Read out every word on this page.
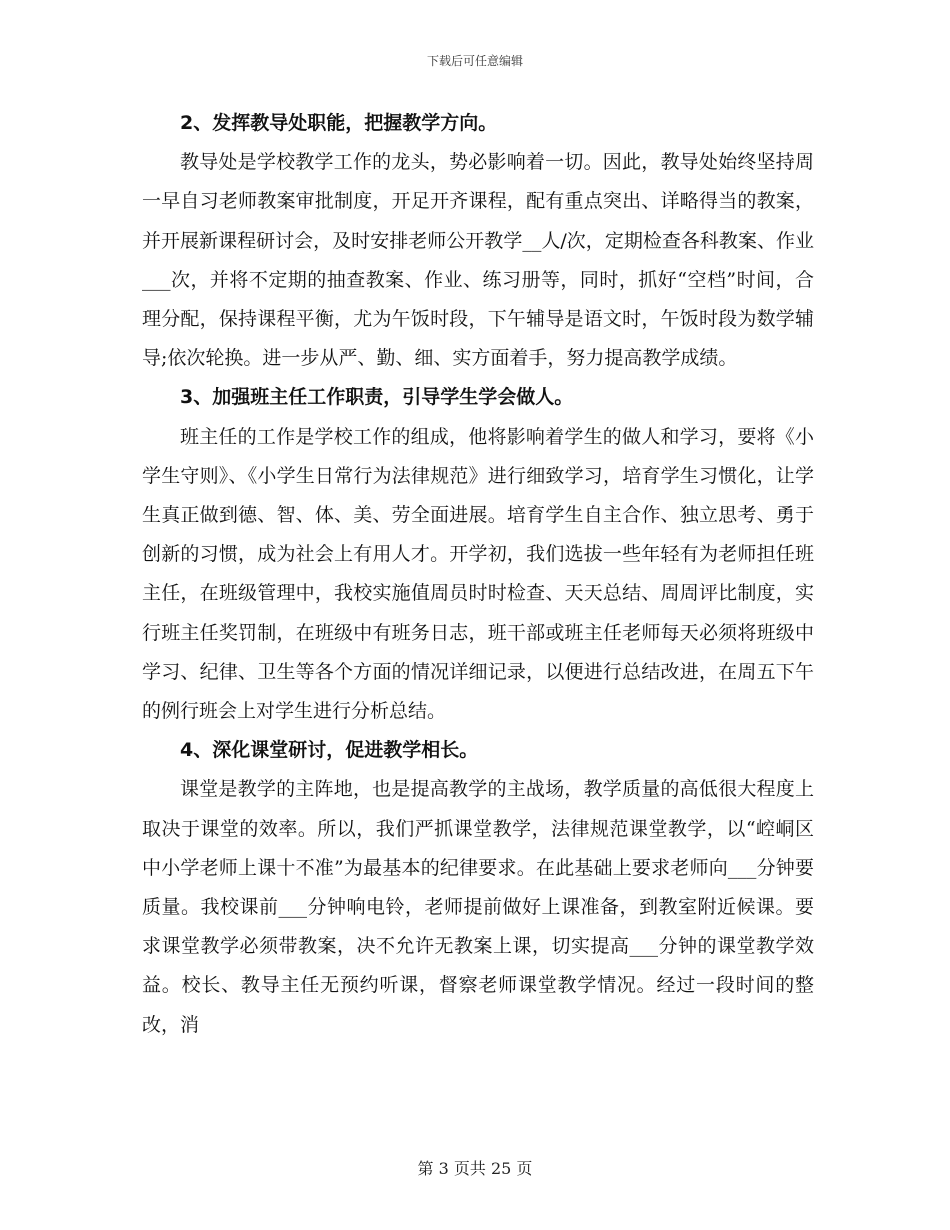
下载后可任意编辑

2、发挥教导处职能，把握教学方向。

教导处是学校教学工作的龙头，势必影响着一切。因此，教导处始终坚持周一早自习老师教案审批制度，开足开齐课程，配有重点突出、详略得当的教案，并开展新课程研讨会，及时安排老师公开教学__人/次，定期检查各科教案、作业___次，并将不定期的抽查教案、作业、练习册等，同时，抓好“空档”时间，合理分配，保持课程平衡，尤为午饭时段，下午辅导是语文时，午饭时段为数学辅导;依次轮换。进一步从严、勤、细、实方面着手，努力提高教学成绩。

3、加强班主任工作职责，引导学生学会做人。

班主任的工作是学校工作的组成，他将影响着学生的做人和学习，要将《小学生守则》、《小学生日常行为法律规范》进行细致学习，培育学生习惯化，让学生真正做到德、智、体、美、劳全面进展。培育学生自主合作、独立思考、勇于创新的习惯，成为社会上有用人才。开学初，我们选拔一些年轻有为老师担任班主任，在班级管理中，我校实施值周员时时检查、天天总结、周周评比制度，实行班主任奖罚制，在班级中有班务日志，班干部或班主任老师每天必须将班级中学习、纪律、卫生等各个方面的情况详细记录，以便进行总结改进，在周五下午的例行班会上对学生进行分析总结。

4、深化课堂研讨，促进教学相长。

课堂是教学的主阵地，也是提高教学的主战场，教学质量的高低很大程度上取决于课堂的效率。所以，我们严抓课堂教学，法律规范课堂教学，以“崆峒区中小学老师上课十不准”为最基本的纪律要求。在此基础上要求老师向___分钟要质量。我校课前___分钟响电铃，老师提前做好上课准备，到教室附近候课。要求课堂教学必须带教案，决不允许无教案上课，切实提高___分钟的课堂教学效益。校长、教导主任无预约听课，督察老师课堂教学情况。经过一段时间的整改，消

第 3 页共 25 页
